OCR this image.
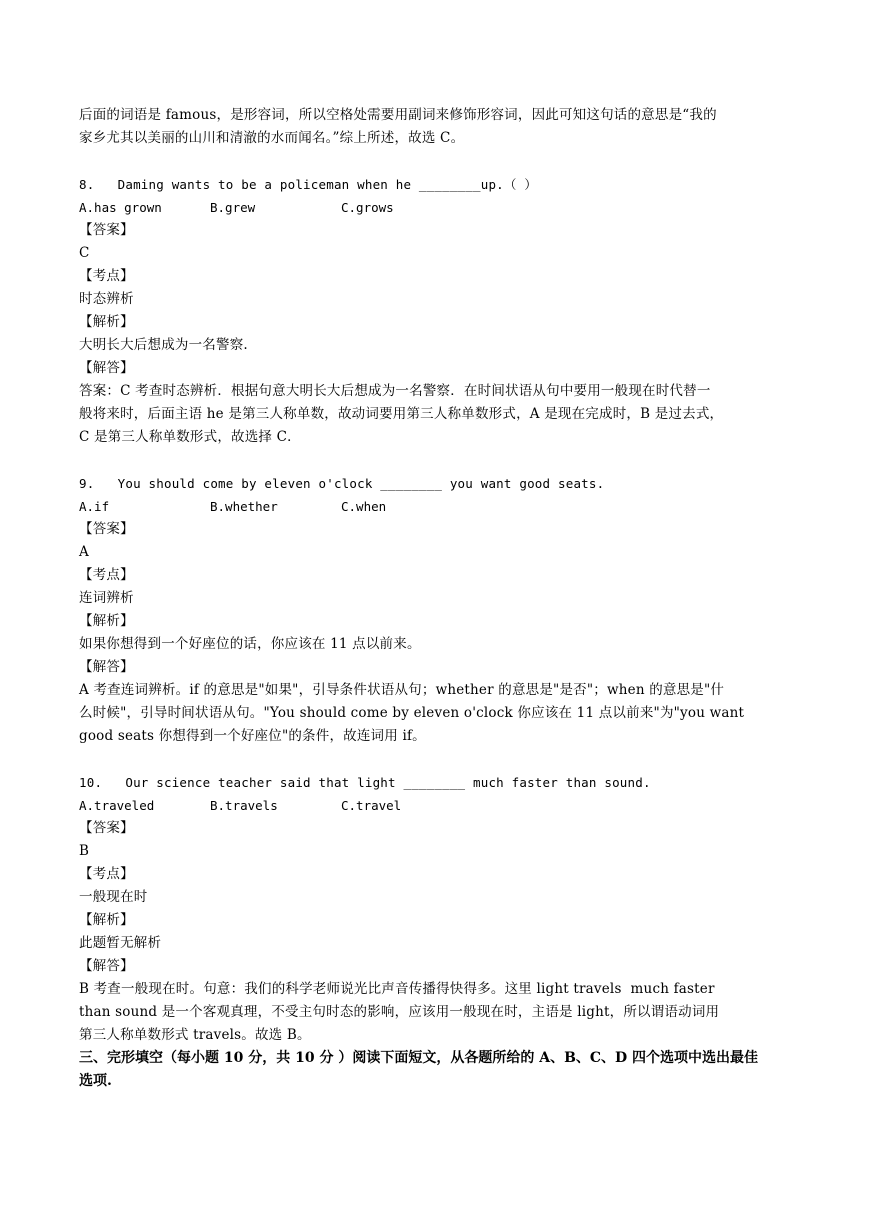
后面的词语是 famous，是形容词，所以空格处需要用副词来修饰形容词，因此可知这句话的意思是“我的
家乡尤其以美丽的山川和清澈的水而闻名。”综上所述，故选 C。
8.   Daming wants to be a policeman when he ________up.（ ）
A.has grown	B.grew	C.grows
【答案】
C
【考点】
时态辨析
【解析】
大明长大后想成为一名警察.
【解答】
答案：C 考查时态辨析．根据句意大明长大后想成为一名警察．在时间状语从句中要用一般现在时代替一
般将来时，后面主语 he 是第三人称单数，故动词要用第三人称单数形式，A 是现在完成时，B 是过去式，
C 是第三人称单数形式，故选择 C．
9.   You should come by eleven o'clock ________ you want good seats.
A.if	B.whether	C.when
【答案】
A
【考点】
连词辨析
【解析】
如果你想得到一个好座位的话，你应该在 11 点以前来。
【解答】
A 考查连词辨析。if 的意思是"如果"，引导条件状语从句；whether 的意思是"是否"；when 的意思是"什
么时候"，引导时间状语从句。"You should come by eleven o'clock 你应该在 11 点以前来"为"you want
good seats 你想得到一个好座位"的条件，故连词用 if。
10.   Our science teacher said that light ________ much faster than sound.
A.traveled	B.travels	C.travel
【答案】
B
【考点】
一般现在时
【解析】
此题暂无解析
【解答】
B 考查一般现在时。句意：我们的科学老师说光比声音传播得快得多。这里 light travels  much faster
than sound 是一个客观真理，不受主句时态的影响，应该用一般现在时，主语是 light，所以谓语动词用
第三人称单数形式 travels。故选 B。
三、完形填空（每小题 10 分，共 10 分 ）阅读下面短文，从各题所给的 A、B、C、D 四个选项中选出最佳
选项.
